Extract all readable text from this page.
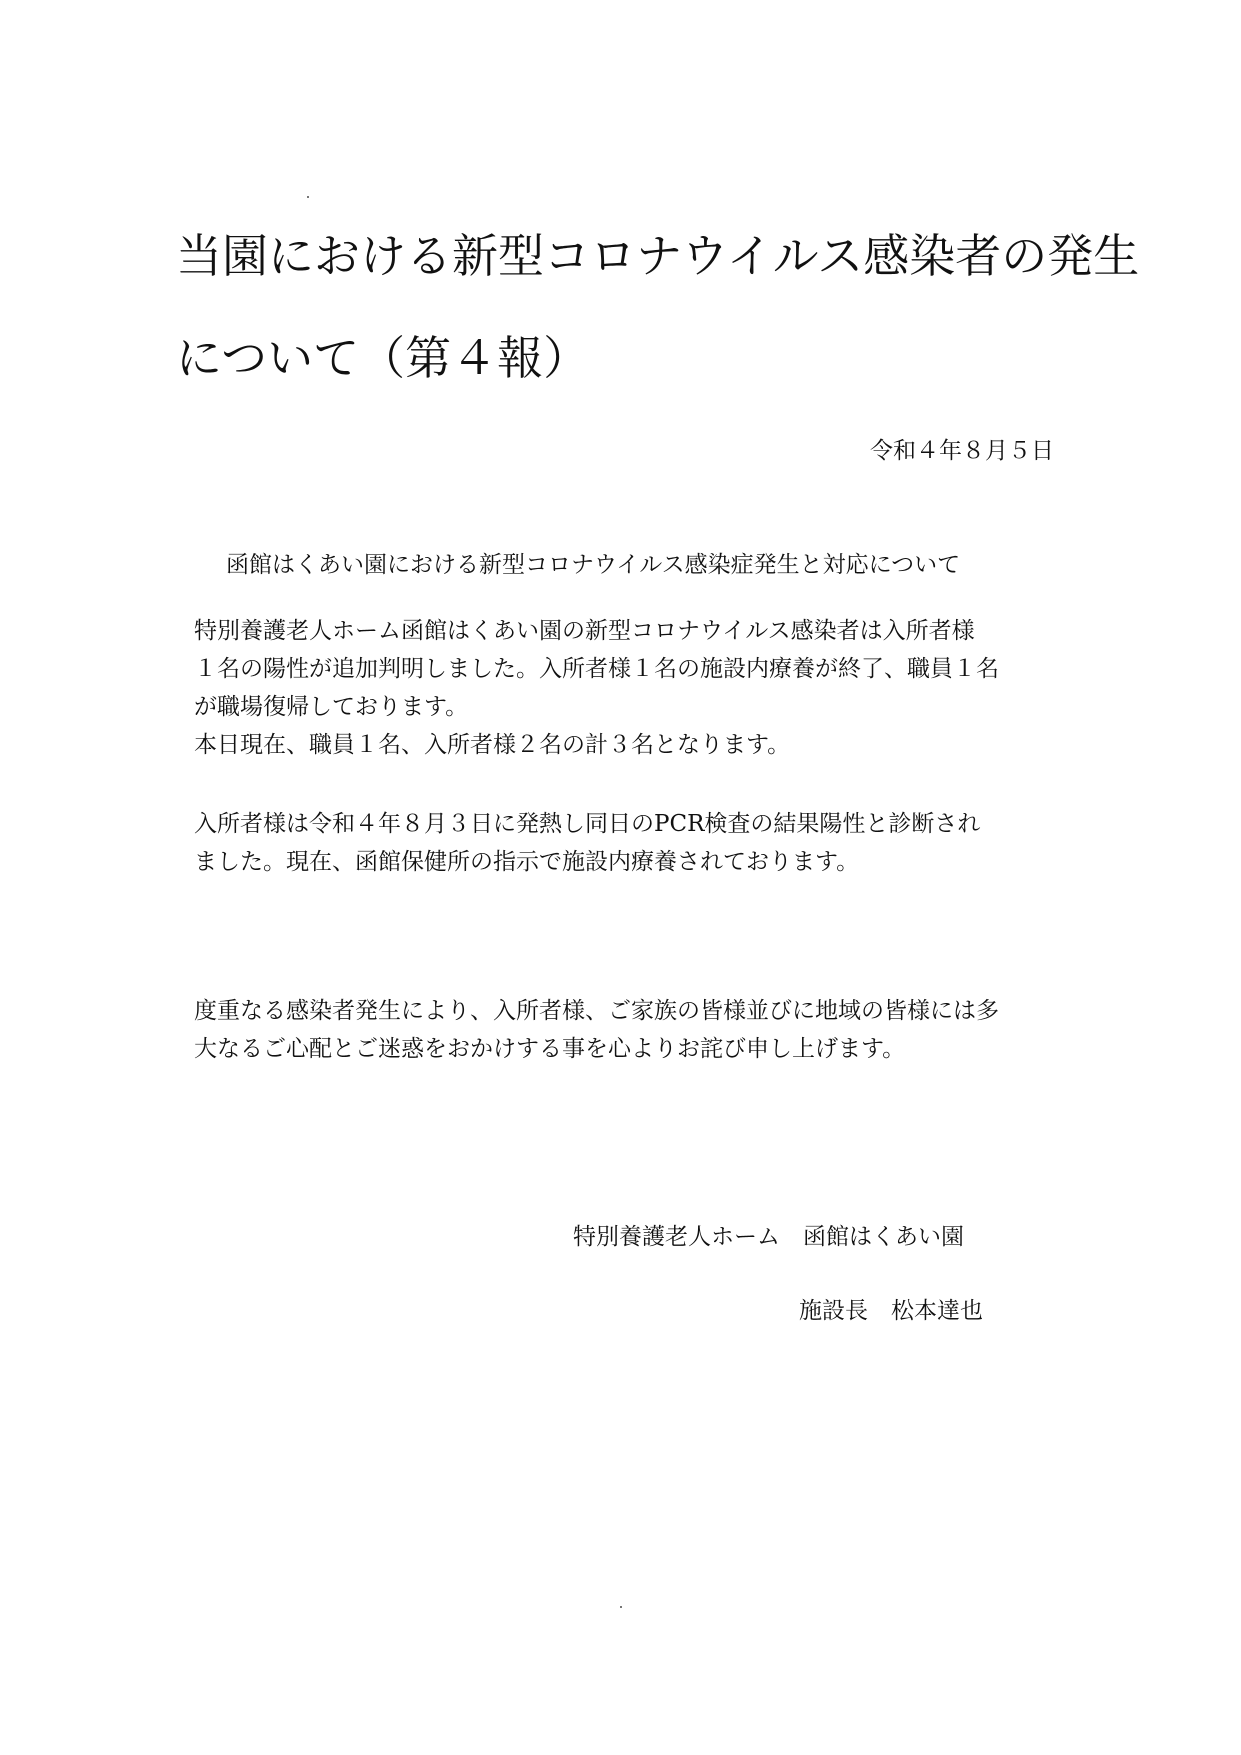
当園における新型コロナウイルス感染者の発生
について（第４報）
令和４年８月５日
函館はくあい園における新型コロナウイルス感染症発生と対応について
特別養護老人ホーム函館はくあい園の新型コロナウイルス感染者は入所者様
１名の陽性が追加判明しました。入所者様１名の施設内療養が終了、職員１名
が職場復帰しております。
本日現在、職員１名、入所者様２名の計３名となります。
入所者様は令和４年８月３日に発熱し同日のPCR検査の結果陽性と診断され
ました。現在、函館保健所の指示で施設内療養されております。
度重なる感染者発生により、入所者様、ご家族の皆様並びに地域の皆様には多
大なるご心配とご迷惑をおかけする事を心よりお詫び申し上げます。
特別養護老人ホーム　函館はくあい園
施設長　松本達也
